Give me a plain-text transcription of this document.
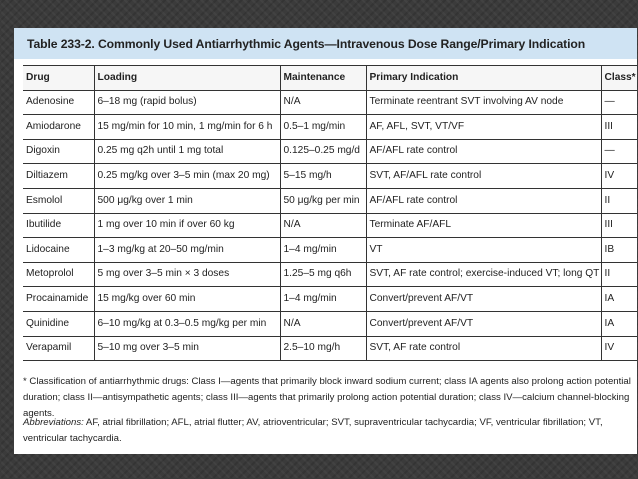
Table 233-2. Commonly Used Antiarrhythmic Agents—Intravenous Dose Range/Primary Indication
Drug	Loading	Maintenance	Primary Indication	Class*
Adenosine	6–18 mg (rapid bolus)	N/A	Terminate reentrant SVT involving AV node	—
Amiodarone	15 mg/min for 10 min, 1 mg/min for 6 h	0.5–1 mg/min	AF, AFL, SVT, VT/VF	III
Digoxin	0.25 mg q2h until 1 mg total	0.125–0.25 mg/d	AF/AFL rate control	—
Diltiazem	0.25 mg/kg over 3–5 min (max 20 mg)	5–15 mg/h	SVT, AF/AFL rate control	IV
Esmolol	500 μg/kg over 1 min	50 μg/kg per min	AF/AFL rate control	II
Ibutilide	1 mg over 10 min if over 60 kg	N/A	Terminate AF/AFL	III
Lidocaine	1–3 mg/kg at 20–50 mg/min	1–4 mg/min	VT	IB
Metoprolol	5 mg over 3–5 min × 3 doses	1.25–5 mg q6h	SVT, AF rate control; exercise-induced VT; long QT	II
Procainamide	15 mg/kg over 60 min	1–4 mg/min	Convert/prevent AF/VT	IA
Quinidine	6–10 mg/kg at 0.3–0.5 mg/kg per min	N/A	Convert/prevent AF/VT	IA
Verapamil	5–10 mg over 3–5 min	2.5–10 mg/h	SVT, AF rate control	IV
* Classification of antiarrhythmic drugs: Class I—agents that primarily block inward sodium current; class IA agents also prolong action potential duration; class II—antisympathetic agents; class III—agents that primarily prolong action potential duration; class IV—calcium channel-blocking agents.
Abbreviations: AF, atrial fibrillation; AFL, atrial flutter; AV, atrioventricular; SVT, supraventricular tachycardia; VF, ventricular fibrillation; VT, ventricular tachycardia.
